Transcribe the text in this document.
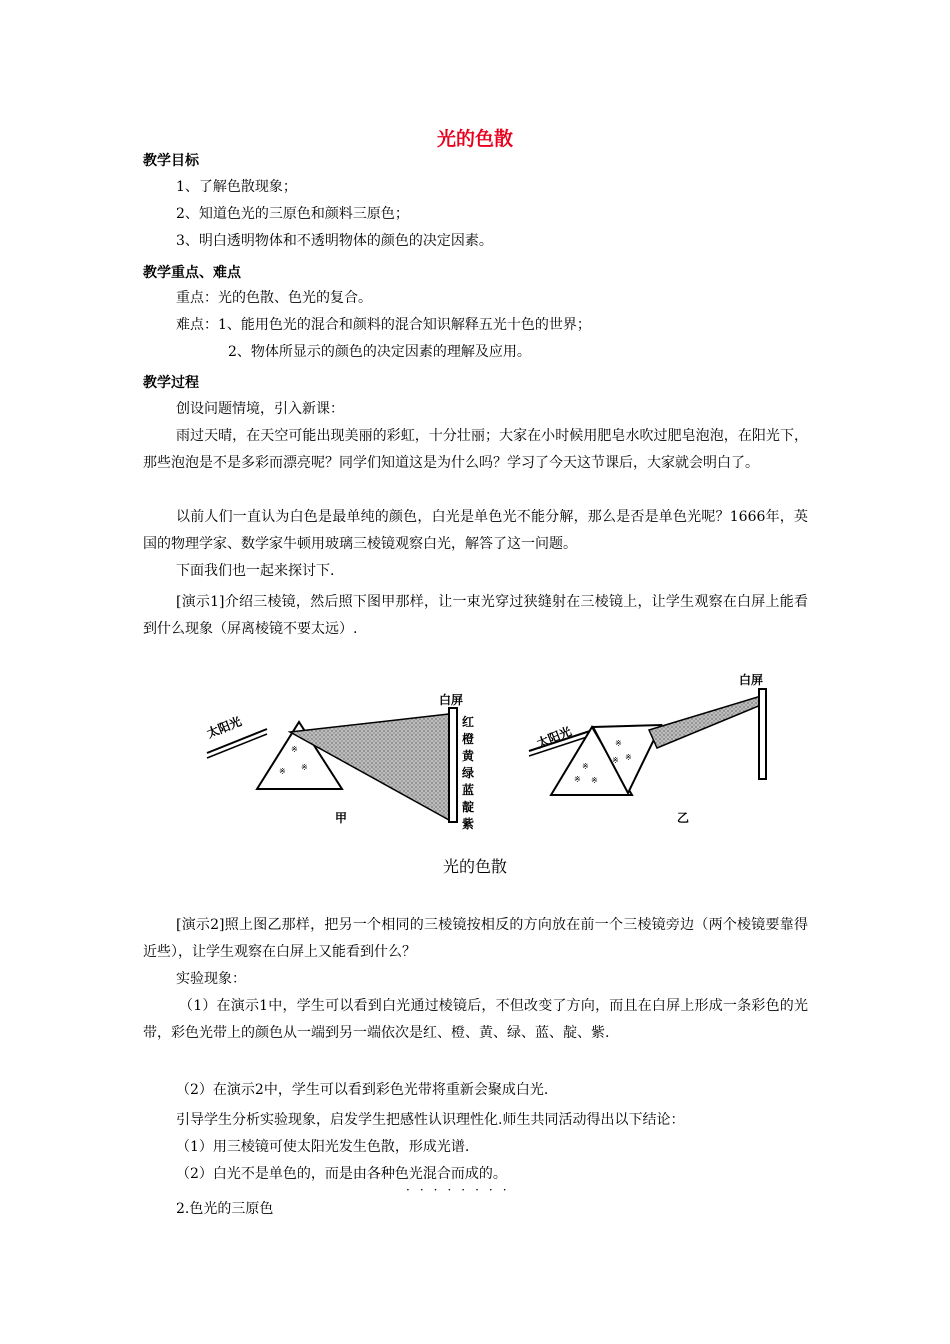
光的色散
教学目标
1、了解色散现象；
2、知道色光的三原色和颜料三原色；
3、明白透明物体和不透明物体的颜色的决定因素。
教学重点、难点
重点：光的色散、色光的复合。
难点：1、能用色光的混合和颜料的混合知识解释五光十色的世界；
2、物体所显示的颜色的决定因素的理解及应用。
教学过程
创设问题情境，引入新课：
雨过天晴，在天空可能出现美丽的彩虹，十分壮丽；大家在小时候用肥皂水吹过肥皂泡泡，在阳光下，那些泡泡是不是多彩而漂亮呢？同学们知道这是为什么吗？学习了今天这节课后，大家就会明白了。
以前人们一直认为白色是最单纯的颜色，白光是单色光不能分解，那么是否是单色光呢？1666年，英国的物理学家、数学家牛顿用玻璃三棱镜观察白光，解答了这一问题。
下面我们也一起来探讨下.
[演示1]介绍三棱镜，然后照下图甲那样，让一束光穿过狭缝射在三棱镜上，让学生观察在白屏上能看到什么现象（屏离棱镜不要太远）.
太阳光
※
※
※
白屏
红
橙
黄
绿
蓝
靛
紫
甲
太阳光
※
※
※
※
※
※
白屏
乙
光的色散
[演示2]照上图乙那样，把另一个相同的三棱镜按相反的方向放在前一个三棱镜旁边（两个棱镜要靠得近些），让学生观察在白屏上又能看到什么？
实验现象：
（1）在演示1中，学生可以看到白光通过棱镜后，不但改变了方向，而且在白屏上形成一条彩色的光带，彩色光带上的颜色从一端到另一端依次是红、橙、黄、绿、蓝、靛、紫.
（2）在演示2中，学生可以看到彩色光带将重新会聚成白光.
引导学生分析实验现象，启发学生把感性认识理性化.师生共同活动得出以下结论：
（1）用三棱镜可使太阳光发生色散，形成光谱.
（2）白光不是单色的，而是由各种色光混合而成的。
········
2.色光的三原色
